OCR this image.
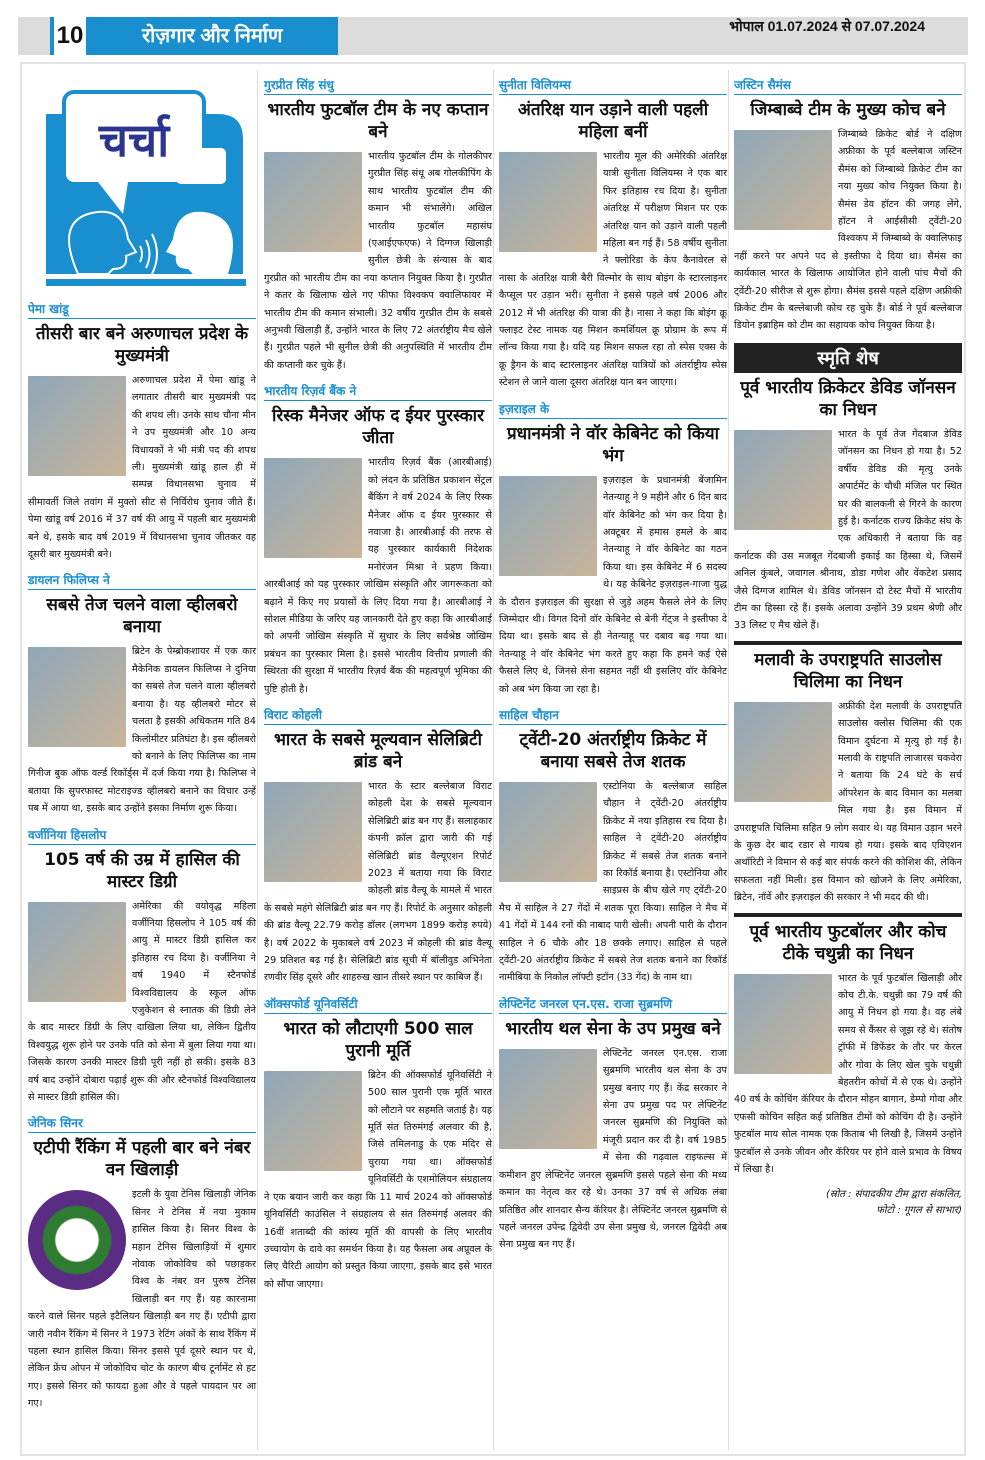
10	रोज़गार और निर्माण	भोपाल 01.07.2024 से 07.07.2024
चर्चा
पेमा खांडू
तीसरी बार बने अरुणाचल प्रदेश के मुख्यमंत्री
अरुणाचल प्रदेश में पेमा खांडू ने लगातार तीसरी बार मुख्यमंत्री पद की शपथ ली। उनके साथ चौना मीन ने उप मुख्यमंत्री और 10 अन्य विधायकों ने भी मंत्री पद की शपथ ली। मुख्यमंत्री खांडू हाल ही में सम्पन्न विधानसभा चुनाव में सीमावर्ती जिले तवांग में मुक्तो सीट से निर्विरोध चुनाव जीते हैं। पेमा खांडू वर्ष 2016 में 37 वर्ष की आयु में पहली बार मुख्यमंत्री बने थे, इसके बाद वर्ष 2019 में विधानसभा चुनाव जीतकर वह दूसरी बार मुख्यमंत्री बने।
डायलन फिलिप्स ने
सबसे तेज चलने वाला व्हीलबरो बनाया
ब्रिटेन के पेम्ब्रोकशायर में एक कार मैकेनिक डायलन फिलिप्स ने दुनिया का सबसे तेज चलने वाला व्हीलबरो बनाया है। यह व्हीलबरो मोटर से चलता है इसकी अधिकतम गति 84 किलोमीटर प्रतिघंटा है। इस व्हीलबरो को बनाने के लिए फिलिप्स का नाम गिनीज बुक ऑफ वर्ल्ड रिकॉर्ड्स में दर्ज किया गया है। फिलिप्स ने बताया कि सुपरफास्ट मोटराइज्ड व्हीलबरो बनाने का विचार उन्हें पब में आया था, इसके बाद उन्होंने इसका निर्माण शुरू किया।
वर्जीनिया हिसलोप
105 वर्ष की उम्र में हासिल की मास्टर डिग्री
अमेरिका की वयोवृद्ध महिला वर्जीनिया हिसलोप ने 105 वर्ष की आयु में मास्टर डिग्री हासिल कर इतिहास रच दिया है। वर्जीनिया ने वर्ष 1940 में स्टैनफोर्ड विश्वविद्यालय के स्कूल ऑफ एजुकेशन से स्नातक की डिग्री लेने के बाद मास्टर डिग्री के लिए दाखिला लिया था, लेकिन द्वितीय विश्वयुद्ध शुरू होने पर उनके पति को सेना में बुला लिया गया था। जिसके कारण उनकी मास्टर डिग्री पूरी नहीं हो सकी। इसके 83 वर्ष बाद उन्होंने दोबारा पढ़ाई शुरू की और स्टैनफोर्ड विश्वविद्यालय से मास्टर डिग्री हासिल की।
जेनिक सिनर
एटीपी रैंकिंग में पहली बार बने नंबर वन खिलाड़ी
इटली के युवा टेनिस खिलाड़ी जेनिक सिनर ने टेनिस में नया मुकाम हासिल किया है। सिनर विश्व के महान टेनिस खिलाड़ियों में शुमार नोवाक जोकोविच को पछाड़कर विश्व के नंबर वन पुरुष टेनिस खिलाड़ी बन गए हैं। यह कारनामा करने वाले सिनर पहले इटैलियन खिलाड़ी बन गए हैं। एटीपी द्वारा जारी नवीन रैंकिंग में सिनर ने 1973 रेटिंग अंकों के साथ रैंकिंग में पहला स्थान हासिल किया। सिनर इससे पूर्व दूसरे स्थान पर थे, लेकिन फ्रेंच ओपन में जोकोविच चोट के कारण बीच टूर्नामेंट से हट गए। इससे सिनर को फायदा हुआ और वे पहले पायदान पर आ गए।
गुरप्रीत सिंह संधु
भारतीय फुटबॉल टीम के नए कप्तान बने
भारतीय फुटबॉल टीम के गोलकीपर गुरप्रीत सिंह संधू अब गोलकीपिंग के साथ भारतीय फुटबॉल टीम की कमान भी संभालेंगे। अखिल भारतीय फुटबॉल महासंघ (एआईएफएफ) ने दिग्गज खिलाड़ी सुनील छेत्री के संन्यास के बाद गुरप्रीत को भारतीय टीम का नया कप्तान नियुक्त किया है। गुरप्रीत ने कतर के खिलाफ खेले गए फीफा विश्वकप क्वालिफायर में भारतीय टीम की कमान संभाली। 32 वर्षीय गुरप्रीत टीम के सबसे अनुभवी खिलाड़ी हैं, उन्होंने भारत के लिए 72 अंतर्राष्ट्रीय मैच खेले हैं। गुरप्रीत पहले भी सुनील छेत्री की अनुपस्थिति में भारतीय टीम की कप्तानी कर चुके हैं।
भारतीय रिज़र्व बैंक ने
रिस्क मैनेजर ऑफ द ईयर पुरस्कार जीता
भारतीय रिज़र्व बैंक (आरबीआई) को लंदन के प्रतिष्ठित प्रकाशन सेंट्रल बैंकिंग ने वर्ष 2024 के लिए रिस्क मैनेजर ऑफ द ईयर पुरस्कार से नवाजा है। आरबीआई की तरफ से यह पुरस्कार कार्यकारी निदेशक मनोरंजन मिश्रा ने प्रहण किया। आरबीआई को यह पुरस्कार जोखिम संस्कृति और जागरूकता को बढ़ाने में किए गए प्रयासों के लिए दिया गया है। आरबीआई ने सोशल मीडिया के जरिए यह जानकारी देते हुए कहा कि आरबीआई को अपनी जोखिम संस्कृति में सुधार के लिए सर्वश्रेष्ठ जोखिम प्रबंधन का पुरस्कार मिला है। इससे भारतीय वित्तीय प्रणाली की स्थिरता की सुरक्षा में भारतीय रिज़र्व बैंक की महत्वपूर्ण भूमिका की पुष्टि होती है।
विराट कोहली
भारत के सबसे मूल्यवान सेलिब्रिटी ब्रांड बने
भारत के स्टार बल्लेबाज विराट कोहली देश के सबसे मूल्यवान सेलिब्रिटी ब्रांड बन गए हैं। सलाहकार कंपनी क्रॉल द्वारा जारी की गई सेलिब्रिटी ब्रांड वैल्यूएशन रिपोर्ट 2023 में बताया गया कि विराट कोहली ब्रांड वैल्यू के मामले में भारत के सबसे महंगे सेलिब्रिटी ब्रांड बन गए हैं। रिपोर्ट के अनुसार कोहली की ब्रांड वैल्यू 22.79 करोड़ डॉलर (लगभग 1899 करोड़ रुपये) है। वर्ष 2022 के मुकाबले वर्ष 2023 में कोहली की ब्रांड वैल्यू 29 प्रतिशत बढ़ गई है। सेलिब्रिटी ब्रांड सूची में बॉलीवुड अभिनेता रणवीर सिंह दूसरे और शाहरुख खान तीसरे स्थान पर काबिज हैं।
ऑक्सफोर्ड यूनिवर्सिटी
भारत को लौटाएगी 500 साल पुरानी मूर्ति
ब्रिटेन की ऑक्सफोर्ड यूनिवर्सिटी ने 500 साल पुरानी एक मूर्ति भारत को लौटाने पर सहमति जताई है। यह मूर्ति संत तिरुमंगई अलवार की है, जिसे तमिलनाडु के एक मंदिर से चुराया गया था। ऑक्सफोर्ड यूनिवर्सिटी के एशमोलियन संग्रहालय ने एक बयान जारी कर कहा कि 11 मार्च 2024 को ऑक्सफोर्ड यूनिवर्सिटी काउंसिल ने संग्रहालय से संत तिरुमंगई अलवर की 16वीं शताब्दी की कांस्य मूर्ति की वापसी के लिए भारतीय उच्चायोग के दावे का समर्थन किया है। यह फैसला अब अप्रूवल के लिए चैरिटी आयोग को प्रस्तुत किया जाएगा, इसके बाद इसे भारत को सौंपा जाएगा।
सुनीता विलियम्स
अंतरिक्ष यान उड़ाने वाली पहली महिला बनीं
भारतीय मूल की अमेरिकी अंतरिक्ष यात्री सुनीता विलियम्स ने एक बार फिर इतिहास रच दिया है। सुनीता अंतरिक्ष में परीक्षण मिशन पर एक अंतरिक्ष यान को उड़ाने वाली पहली महिला बन गई हैं। 58 वर्षीय सुनीता ने फ्लोरिडा के केप कैनावेरल से नासा के अंतरिक्ष यात्री बैरी विल्मोर के साथ बोइंग के स्टारलाइनर कैप्सूल पर उड़ान भरी। सुनीता ने इससे पहले वर्ष 2006 और 2012 में भी अंतरिक्ष की यात्रा की है। नासा ने कहा कि बोइंग क्रू फ्लाइट टेस्ट नामक यह मिशन कमर्शियल क्रू प्रोग्राम के रूप में लॉन्च किया गया है। यदि यह मिशन सफल रहा तो स्पेस एक्स के क्रू ड्रैगन के बाद स्टारलाइनर अंतरिक्ष यात्रियों को अंतर्राष्ट्रीय स्पेस स्टेशन ले जाने वाला दूसरा अंतरिक्ष यान बन जाएगा।
इज़राइल के
प्रधानमंत्री ने वॉर केबिनेट को किया भंग
इज़राइल के प्रधानमंत्री बेंजामिन नेतन्याहू ने 9 महीने और 6 दिन बाद वॉर केबिनेट को भंग कर दिया है। अक्टूबर में हमास हमले के बाद नेतन्याहू ने वॉर केबिनेट का गठन किया था। इस केबिनेट में 6 सदस्य थे। यह केबिनेट इज़राइल-गाजा युद्ध के दौरान इज़राइल की सुरक्षा से जुड़े अहम फैसले लेने के लिए जिम्मेदार थी। विगत दिनों वॉर केबिनेट से बेनी गेंट्ज ने इस्तीफा दे दिया था। इसके बाद से ही नेतन्याहू पर दबाव बढ़ गया था। नेतन्याहू ने वॉर केबिनेट भंग करते हुए कहा कि हमने कई ऐसे फैसले लिए थे, जिनसे सेना सहमत नहीं थी इसलिए वॉर केबिनेट को अब भंग किया जा रहा है।
साहिल चौहान
ट्वेंटी-20 अंतर्राष्ट्रीय क्रिकेट में बनाया सबसे तेज शतक
एस्टोनिया के बल्लेबाज साहिल चौहान ने ट्वेंटी-20 अंतर्राष्ट्रीय क्रिकेट में नया इतिहास रच दिया है। साहिल ने ट्वेंटी-20 अंतर्राष्ट्रीय क्रिकेट में सबसे तेज शतक बनाने का रिकॉर्ड बनाया है। एस्टोनिया और साइप्रस के बीच खेले गए ट्वेंटी-20 मैच में साहिल ने 27 गेंदों में शतक पूरा किया। साहिल ने मैच में 41 गेंदों में 144 रनों की नाबाद पारी खेली। अपनी पारी के दौरान साहिल ने 6 चौके और 18 छक्के लगाए। साहिल से पहले ट्वेंटी-20 अंतर्राष्ट्रीय क्रिकेट में सबसे तेज शतक बनाने का रिकॉर्ड नामीबिया के निकोल लॉफ्टी इटॉन (33 गेंद) के नाम था।
लेफ्टिनेंट जनरल एन.एस. राजा सुब्रमणि
भारतीय थल सेना के उप प्रमुख बने
लेफ्टिनेंट जनरल एन.एस. राजा सुब्रमणि भारतीय थल सेना के उप प्रमुख बनाए गए हैं। केंद्र सरकार ने सेना उप प्रमुख पद पर लेफ्टिनेंट जनरल सुब्रमणि की नियुक्ति को मंजूरी प्रदान कर दी है। वर्ष 1985 में सेना की गढ़वाल राइफल्स में कमीशन हुए लेफ्टिनेंट जनरल सुब्रमणि इससे पहले सेना की मध्य कमान का नेतृत्व कर रहे थे। उनका 37 वर्ष से अधिक लंबा प्रतिष्ठित और शानदार सैन्य कॅरियर है। लेफ्टिनेंट जनरल सुब्रमणि से पहले जनरल उपेन्द्र द्विवेदी उप सेना प्रमुख थे, जनरल द्विवेदी अब सेना प्रमुख बन गए हैं।
जस्टिन सैमंस
जिम्बाब्वे टीम के मुख्य कोच बने
जिम्बाब्वे क्रिकेट बोर्ड ने दक्षिण अफ्रीका के पूर्व बल्लेबाज जस्टिन सैमंस को जिम्बाब्वे क्रिकेट टीम का नया मुख्य कोच नियुक्त किया है। सैमंस डेव हॉटन की जगह लेंगे, हॉटन ने आईसीसी ट्वेंटी-20 विश्वकप में जिम्बाब्वे के क्वालिफाइ नहीं करने पर अपने पद से इस्तीफा दे दिया था। सैमंस का कार्यकाल भारत के खिलाफ आयोजित होने वाली पांच मैचों की ट्वेंटी-20 सीरीज से शुरू होगा। सैमंस इससे पहले दक्षिण अफ्रीकी क्रिकेट टीम के बल्लेबाजी कोच रह चुके हैं। बोर्ड ने पूर्व बल्लेबाज डियोन इब्राहिम को टीम का सहायक कोच नियुक्त किया है।
स्मृति शेष
पूर्व भारतीय क्रिकेटर डेविड जॉनसन का निधन
भारत के पूर्व तेज गेंदबाज डेविड जॉनसन का निधन हो गया है। 52 वर्षीय डेविड की मृत्यु उनके अपार्टमेंट के चौथी मंजिल पर स्थित घर की बालकनी से गिरने के कारण हुई है। कर्नाटक राज्य क्रिकेट संघ के एक अधिकारी ने बताया कि वह कर्नाटक की उस मजबूत गेंदबाजी इकाई का हिस्सा थे, जिसमें अनिल कुंबले, जवागल श्रीनाथ, डोडा गणेश और वेंकटेश प्रसाद जैसे दिग्गज शामिल थे। डेविड जॉनसन दो टेस्ट मैचों में भारतीय टीम का हिस्सा रहे हैं। इसके अलावा उन्होंने 39 प्रथम श्रेणी और 33 लिस्ट ए मैच खेले हैं।
मलावी के उपराष्ट्रपति साउलोस चिलिमा का निधन
अफ्रीकी देश मलावी के उपराष्ट्रपति साउलोस क्लोस चिलिमा की एक विमान दुर्घटना में मृत्यु हो गई है। मलावी के राष्ट्रपति लाजारस चकवेरा ने बताया कि 24 घंटे के सर्च ऑपरेशन के बाद विमान का मलबा मिल गया है। इस विमान में उपराष्ट्रपति चिलिमा सहित 9 लोग सवार थे। यह विमान उड़ान भरने के कुछ देर बाद रडार से गायब हो गया। इसके बाद एविएशन अथॉरिटी ने विमान से कई बार संपर्क करने की कोशिश की, लेकिन सफलता नहीं मिली। इस विमान को खोजने के लिए अमेरिका, ब्रिटेन, नॉर्वे और इज़राइल की सरकार ने भी मदद की थी।
पूर्व भारतीय फुटबॉलर और कोच टीके चथुन्नी का निधन
भारत के पूर्व फुटबॉल खिलाड़ी और कोच टी.के. चथुन्नी का 79 वर्ष की आयु में निधन हो गया है। वह लंबे समय से कैंसर से जूझ रहे थे। संतोष ट्रॉफी में डिफेंडर के तौर पर केरल और गोवा के लिए खेल चुके चथुन्नी बेहतरीन कोचों में से एक थे। उन्होंने 40 वर्ष के कोचिंग कॅरियर के दौरान मोहन बागान, डेम्पो गोवा और एफसी कोचिन सहित कई प्रतिष्ठित टीमों को कोचिंग दी है। उन्होंने फुटबॉल माय सोल नामक एक किताब भी लिखी है, जिसमें उन्होंने फुटबॉल से उनके जीवन और कॅरियर पर होने वाले प्रभाव के विषय में लिखा है।
(स्रोत : संपादकीय टीम द्वारा संकलित,
फोटो : गूगल से साभार)
